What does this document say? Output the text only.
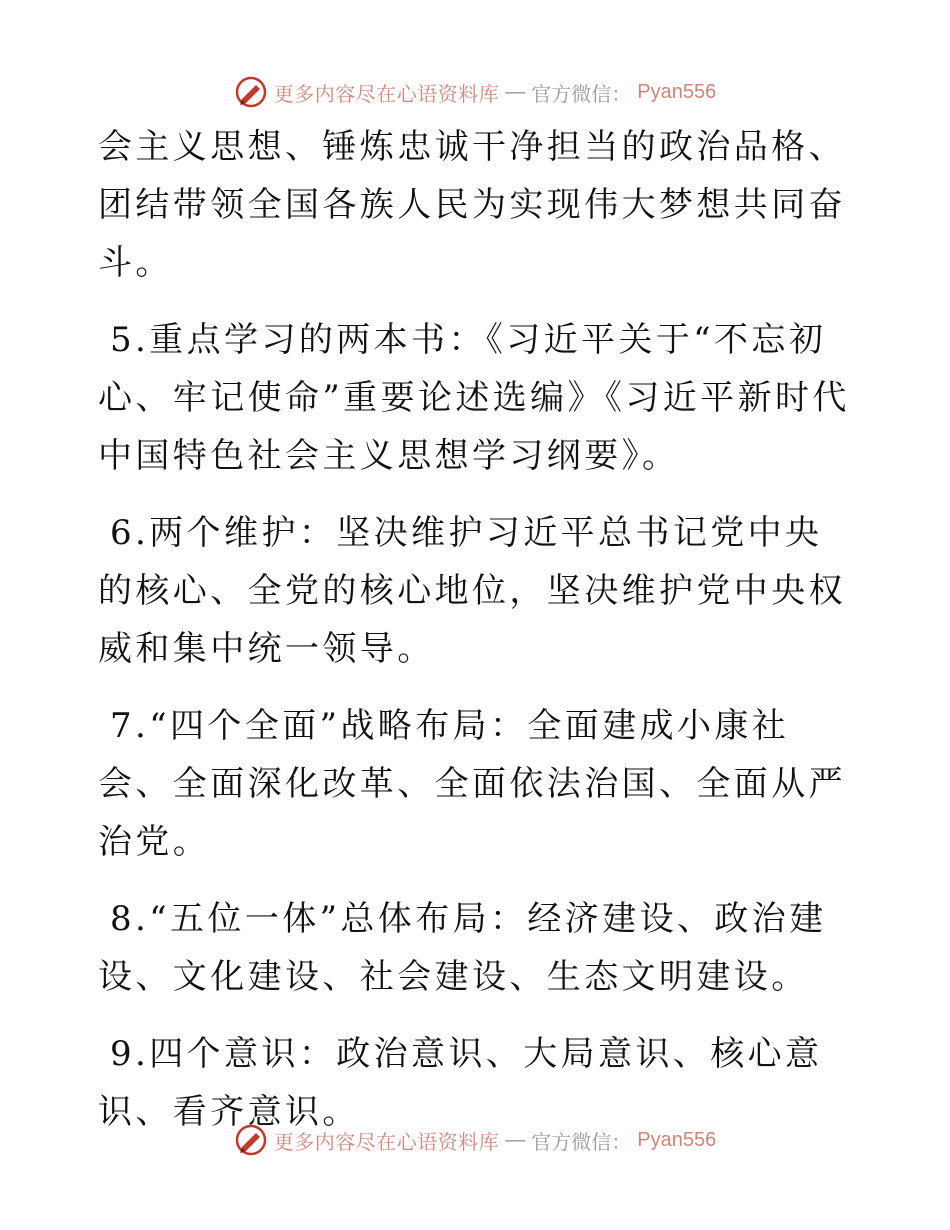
更多内容尽在心语资料库 — 官方微信： Pyan556

会主义思想、锤炼忠诚干净担当的政治品格、团结带领全国各族人民为实现伟大梦想共同奋斗。

5.重点学习的两本书：《习近平关于“不忘初心、牢记使命”重要论述选编》《习近平新时代中国特色社会主义思想学习纲要》。

6.两个维护：坚决维护习近平总书记党中央的核心、全党的核心地位，坚决维护党中央权威和集中统一领导。

7.“四个全面”战略布局：全面建成小康社会、全面深化改革、全面依法治国、全面从严治党。

8.“五位一体”总体布局：经济建设、政治建设、文化建设、社会建设、生态文明建设。

9.四个意识：政治意识、大局意识、核心意识、看齐意识。

更多内容尽在心语资料库 — 官方微信： Pyan556
